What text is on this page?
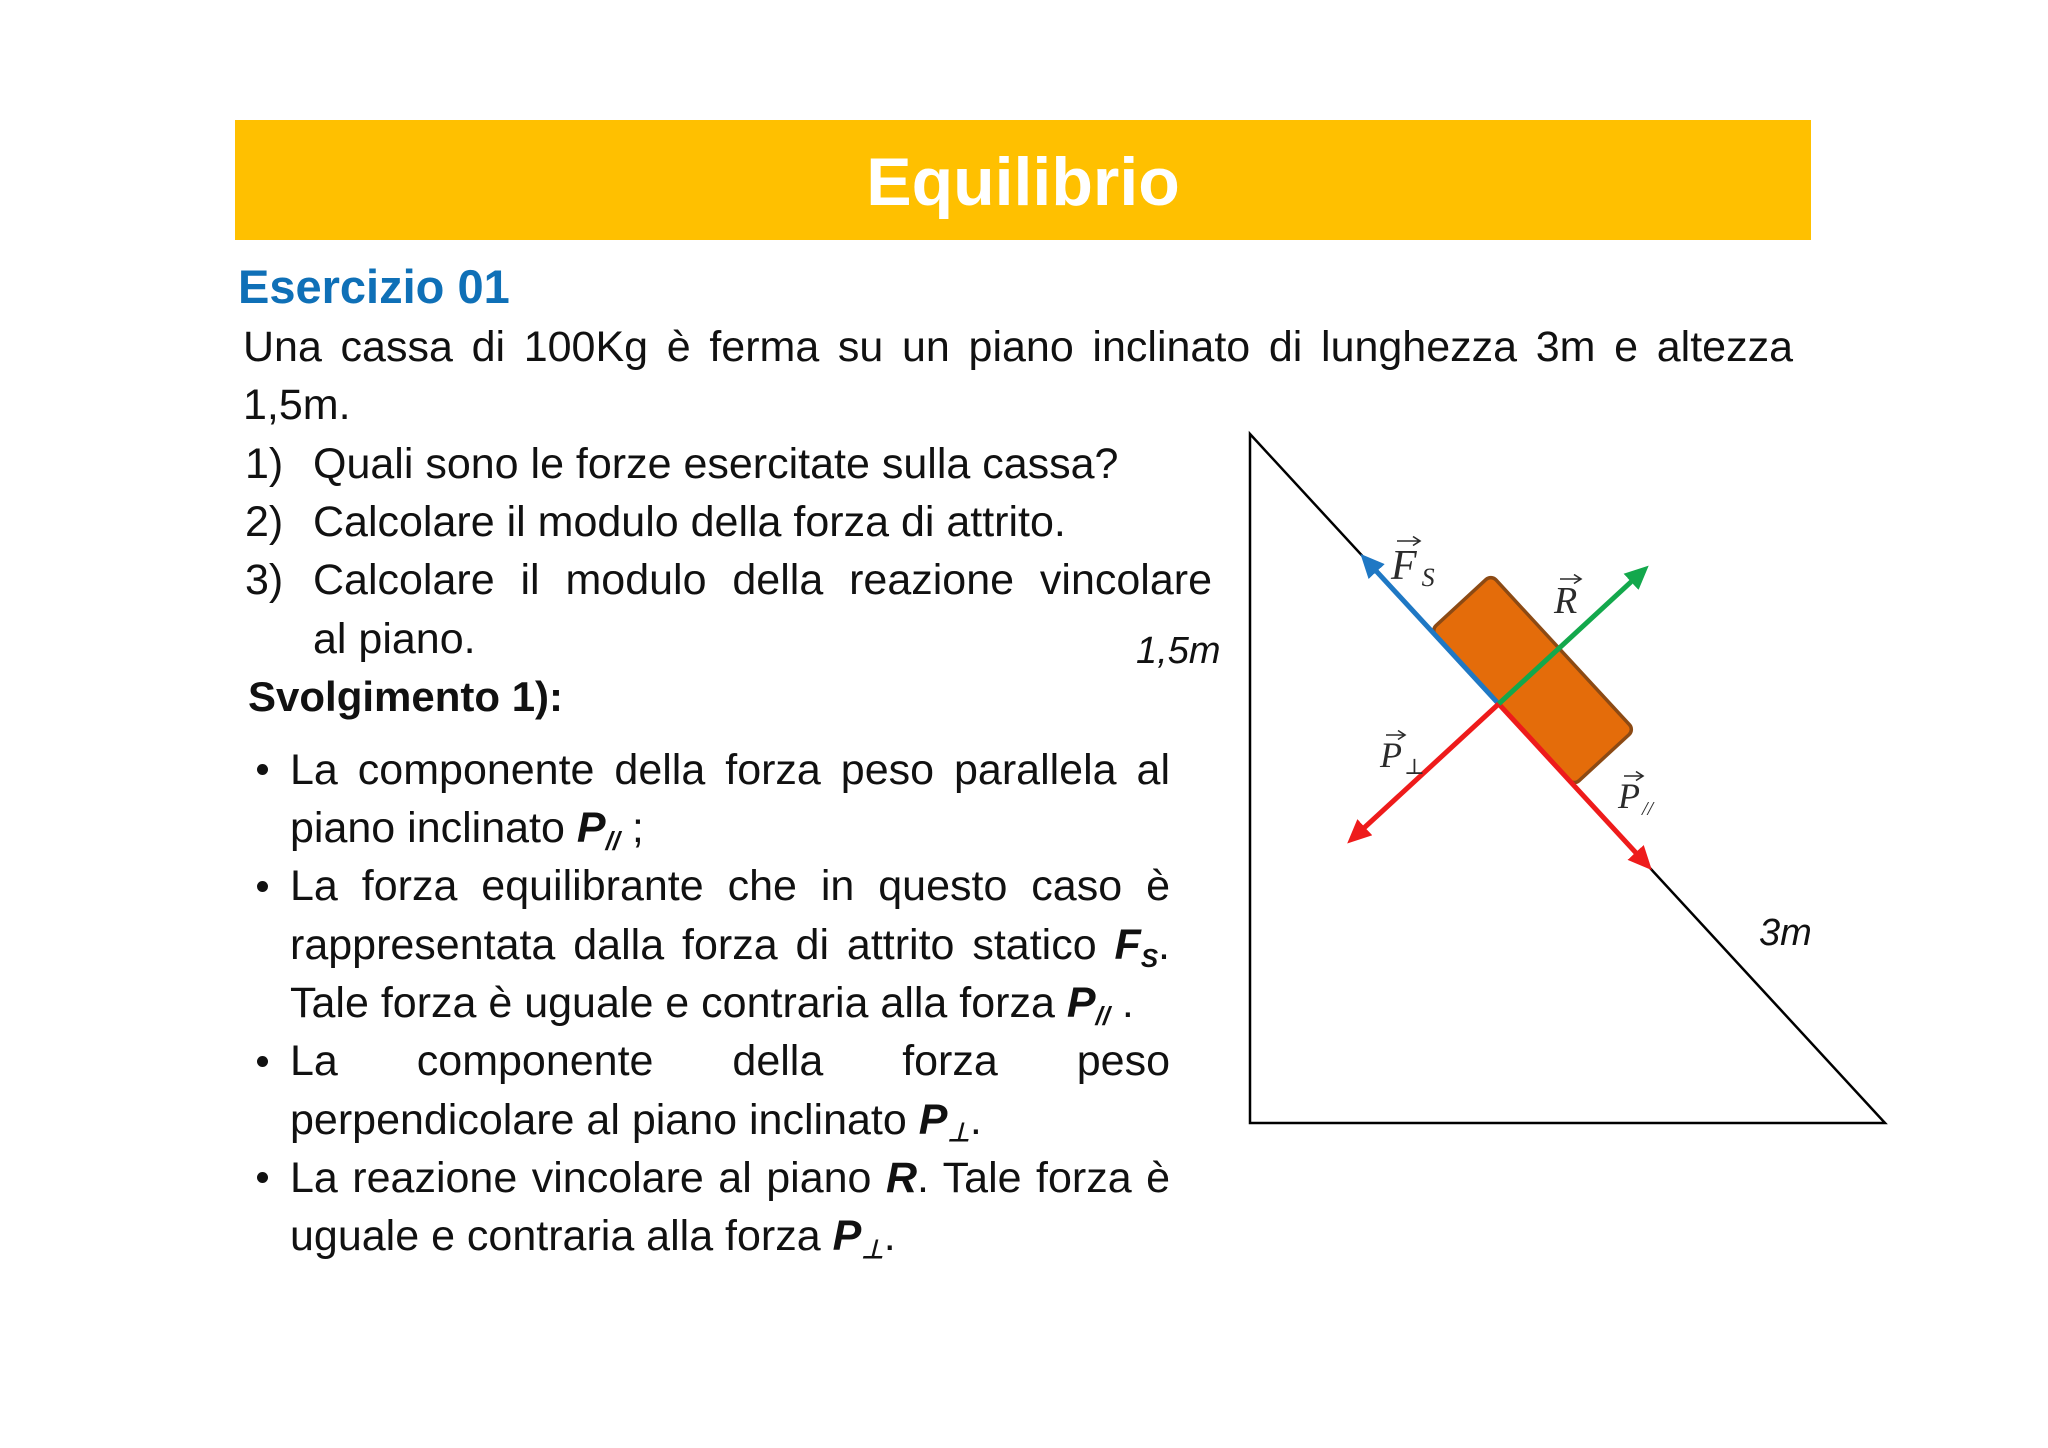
Equilibrio
Esercizio 01
Una cassa di 100Kg è ferma su un piano inclinato di lunghezza 3m e altezza
1,5m.
1) Quali sono le forze esercitate sulla cassa?
2) Calcolare il modulo della forza di attrito.
3) Calcolare il modulo della reazione vincolare
al piano.
Svolgimento 1):
La componente della forza peso parallela al
piano inclinato P// ;
La forza equilibrante che in questo caso è
rappresentata dalla forza di attrito statico FS.
Tale forza è uguale e contraria alla forza P// .
La componente della forza peso
perpendicolare al piano inclinato P⊥.
La reazione vincolare al piano R. Tale forza è
uguale e contraria alla forza P⊥.
F S
R
P⊥
P //
1,5m
3m
